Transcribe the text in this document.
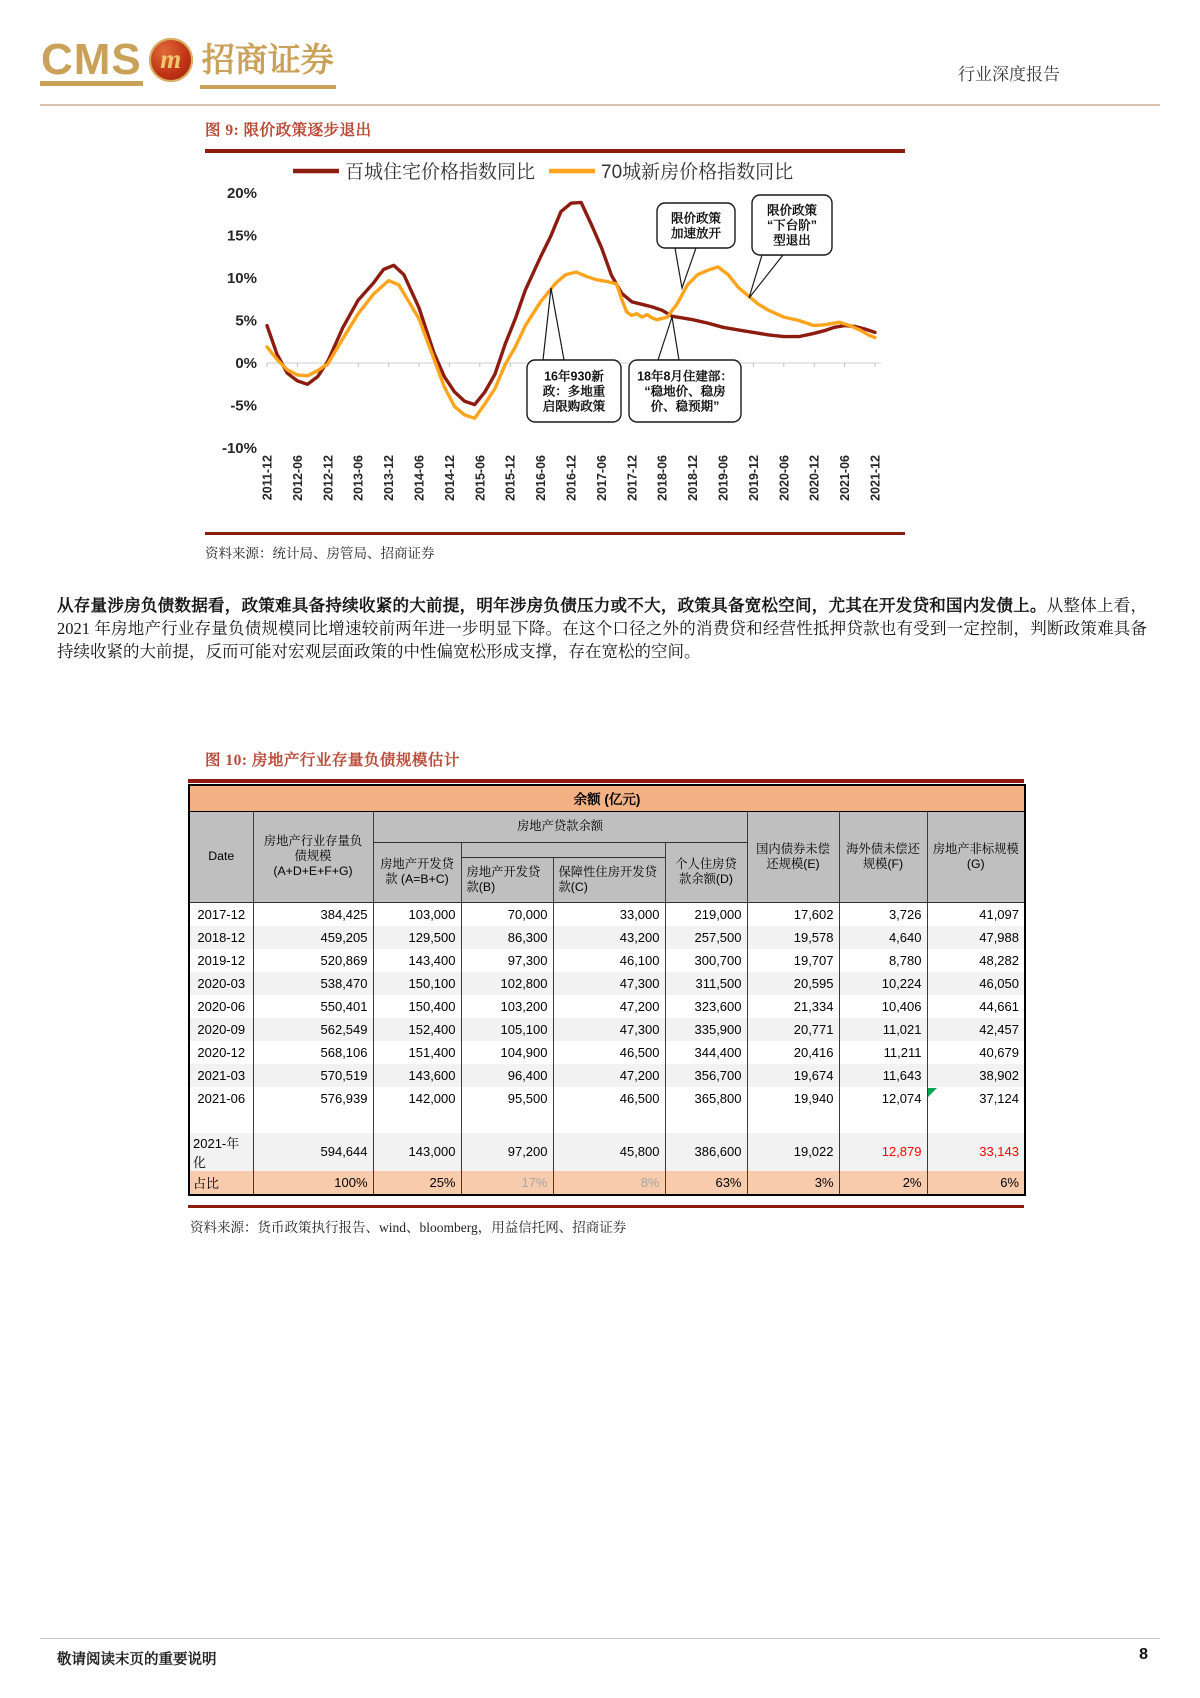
CMS m 招商证券	行业深度报告
图 9: 限价政策逐步退出
20%
15%
10%
5%
0%
-5%
-10%
2011-12 2012-06 2012-12 2013-06 2013-12 2014-06 2014-12 2015-06 2015-12 2016-06 2016-12 2017-06 2017-12 2018-06 2018-12 2019-06 2019-12 2020-06 2020-12 2021-06 2021-12
百城住宅价格指数同比	70城新房价格指数同比
限价政策
加速放开
限价政策
“下台阶”
型退出
16年930新
政：多地重
启限购政策
18年8月住建部：
“稳地价、稳房
价、稳预期”
资料来源：统计局、房管局、招商证券

从存量涉房负债数据看，政策难具备持续收紧的大前提，明年涉房负债压力或不大，政策具备宽松空间，尤其在开发贷和国内发债上。从整体上看，2021 年房地产行业存量负债规模同比增速较前两年进一步明显下降。在这个口径之外的消费贷和经营性抵押贷款也有受到一定控制，判断政策难具备持续收紧的大前提，反而可能对宏观层面政策的中性偏宽松形成支撑，存在宽松的空间。

图 10: 房地产行业存量负债规模估计
余额 (亿元)								
Date	房地产行业存量负债规模 (A+D+E+F+G)	房地产贷款余额				国内债券未偿还规模(E)	海外债未偿还规模(F)	房地产非标规模(G)
		房地产开发贷款 (A=B+C)			个人住房贷款余额(D)			
			房地产开发贷款(B)	保障性住房开发贷款(C)				
2017-12	384,425	103,000	70,000	33,000	219,000	17,602	3,726	41,097
2018-12	459,205	129,500	86,300	43,200	257,500	19,578	4,640	47,988
2019-12	520,869	143,400	97,300	46,100	300,700	19,707	8,780	48,282
2020-03	538,470	150,100	102,800	47,300	311,500	20,595	10,224	46,050
2020-06	550,401	150,400	103,200	47,200	323,600	21,334	10,406	44,661
2020-09	562,549	152,400	105,100	47,300	335,900	20,771	11,021	42,457
2020-12	568,106	151,400	104,900	46,500	344,400	20,416	11,211	40,679
2021-03	570,519	143,600	96,400	47,200	356,700	19,674	11,643	38,902
2021-06	576,939	142,000	95,500	46,500	365,800	19,940	12,074	37,124

2021-年化	594,644	143,000	97,200	45,800	386,600	19,022	12,879	33,143
占比	100%	25%	17%	8%	63%	3%	2%	6%
资料来源：货币政策执行报告、wind、bloomberg，用益信托网、招商证券
敬请阅读末页的重要说明	8
